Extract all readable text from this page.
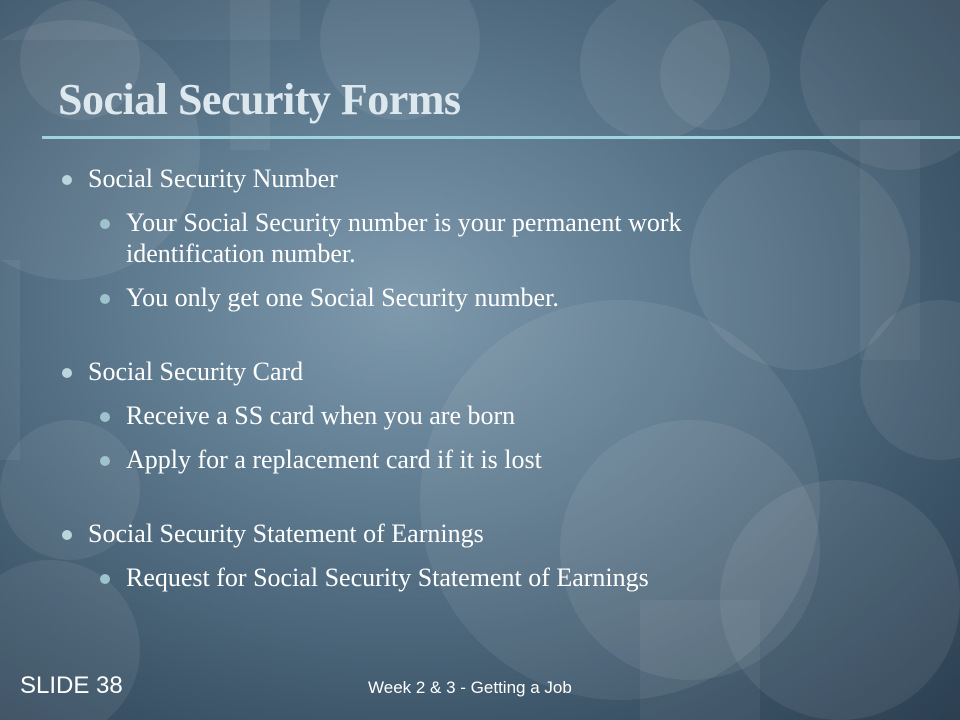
Social Security Forms
Social Security Number
Your Social Security number is your permanent work identification number.
You only get one Social Security number.
Social Security Card
Receive a SS card when you are born
Apply for a replacement card if it is lost
Social Security Statement of Earnings
Request for Social Security Statement of Earnings
SLIDE 38	Week 2 & 3 - Getting a Job
